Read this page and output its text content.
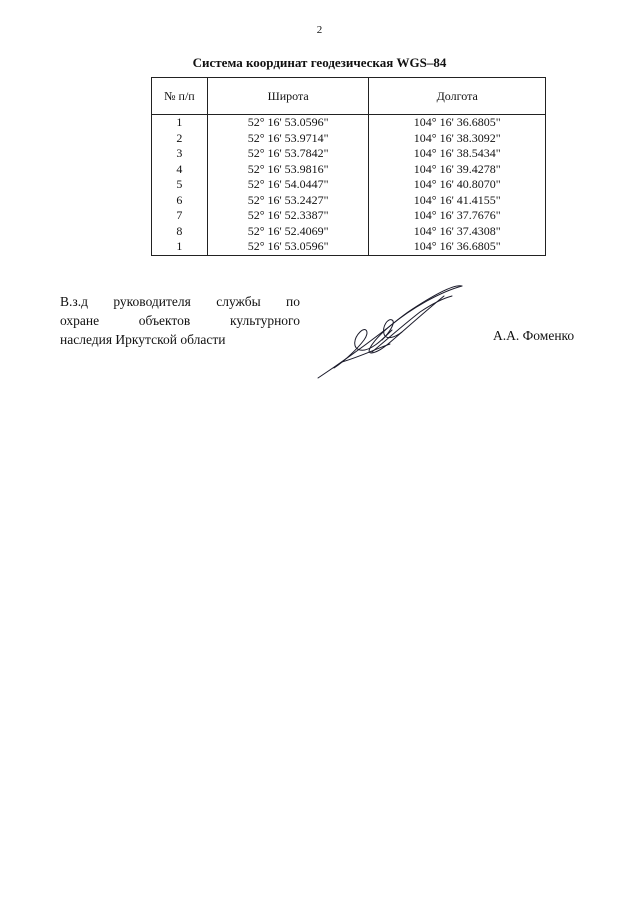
2
Система координат геодезическая WGS–84
№ п/п	Широта	Долгота
1	52° 16' 53.0596"	104° 16' 36.6805"
2	52° 16' 53.9714"	104° 16' 38.3092"
3	52° 16' 53.7842"	104° 16' 38.5434"
4	52° 16' 53.9816"	104° 16' 39.4278"
5	52° 16' 54.0447"	104° 16' 40.8070"
6	52° 16' 53.2427"	104° 16' 41.4155"
7	52° 16' 52.3387"	104° 16' 37.7676"
8	52° 16' 52.4069"	104° 16' 37.4308"
1	52° 16' 53.0596"	104° 16' 36.6805"
В.з.д руководителя службы по
охране объектов культурного
наследия Иркутской области	А.А. Фоменко
